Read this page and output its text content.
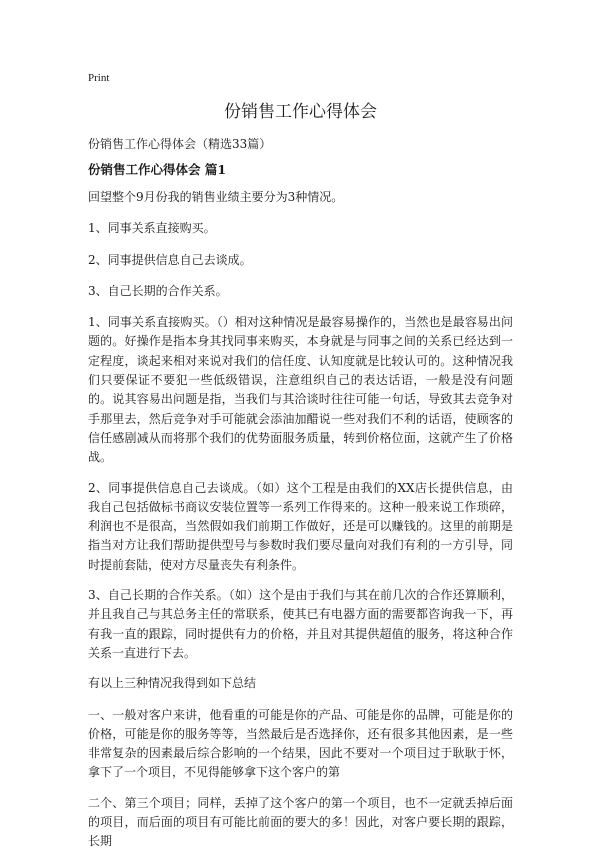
Print
份销售工作心得体会
份销售工作心得体会（精选33篇）
份销售工作心得体会 篇1

回望整个9月份我的销售业绩主要分为3种情况。

1、同事关系直接购买。

2、同事提供信息自己去谈成。

3、自己长期的合作关系。

1、同事关系直接购买。（）相对这种情况是最容易操作的，当然也是最容易出问题的。好操作是指本身其找同事来购买，本身就是与同事之间的关系已经达到一定程度，谈起来相对来说对我们的信任度、认知度就是比较认可的。这种情况我们只要保证不要犯一些低级错误，注意组织自己的表达话语，一般是没有问题的。说其容易出问题是指，当我们与其洽谈时往往可能一句话，导致其去竞争对手那里去，然后竞争对手可能就会添油加醋说一些对我们不利的话语，使顾客的信任感剧减从而将那个我们的优势面服务质量，转到价格位面，这就产生了价格战。

2、同事提供信息自己去谈成。（如）这个工程是由我们的XX店长提供信息，由我自己包括做标书商议安装位置等一系列工作得来的。这种一般来说工作琐碎，利润也不是很高，当然假如我们前期工作做好，还是可以赚钱的。这里的前期是指当对方让我们帮助提供型号与参数时我们要尽量向对我们有利的一方引导，同时提前套陆，使对方尽量丧失有利条件。

3、自己长期的合作关系。（如）这个是由于我们与其在前几次的合作还算顺利，并且我自己与其总务主任的常联系，使其已有电器方面的需要都咨询我一下，再有我一直的跟踪，同时提供有力的价格，并且对其提供超值的服务，将这种合作关系一直进行下去。

有以上三种情况我得到如下总结

一、一般对客户来讲，他看重的可能是你的产品、可能是你的品牌，可能是你的价格，可能是你的服务等等，当然最后是否选择你，还有很多其他因素，是一些非常复杂的因素最后综合影响的一个结果，因此不要对一个项目过于耿耿于怀，拿下了一个项目，不见得能够拿下这个客户的第

二个、第三个项目；同样，丢掉了这个客户的第一个项目，也不一定就丢掉后面的项目，而后面的项目有可能比前面的要大的多！因此，对客户要长期的跟踪，长期
